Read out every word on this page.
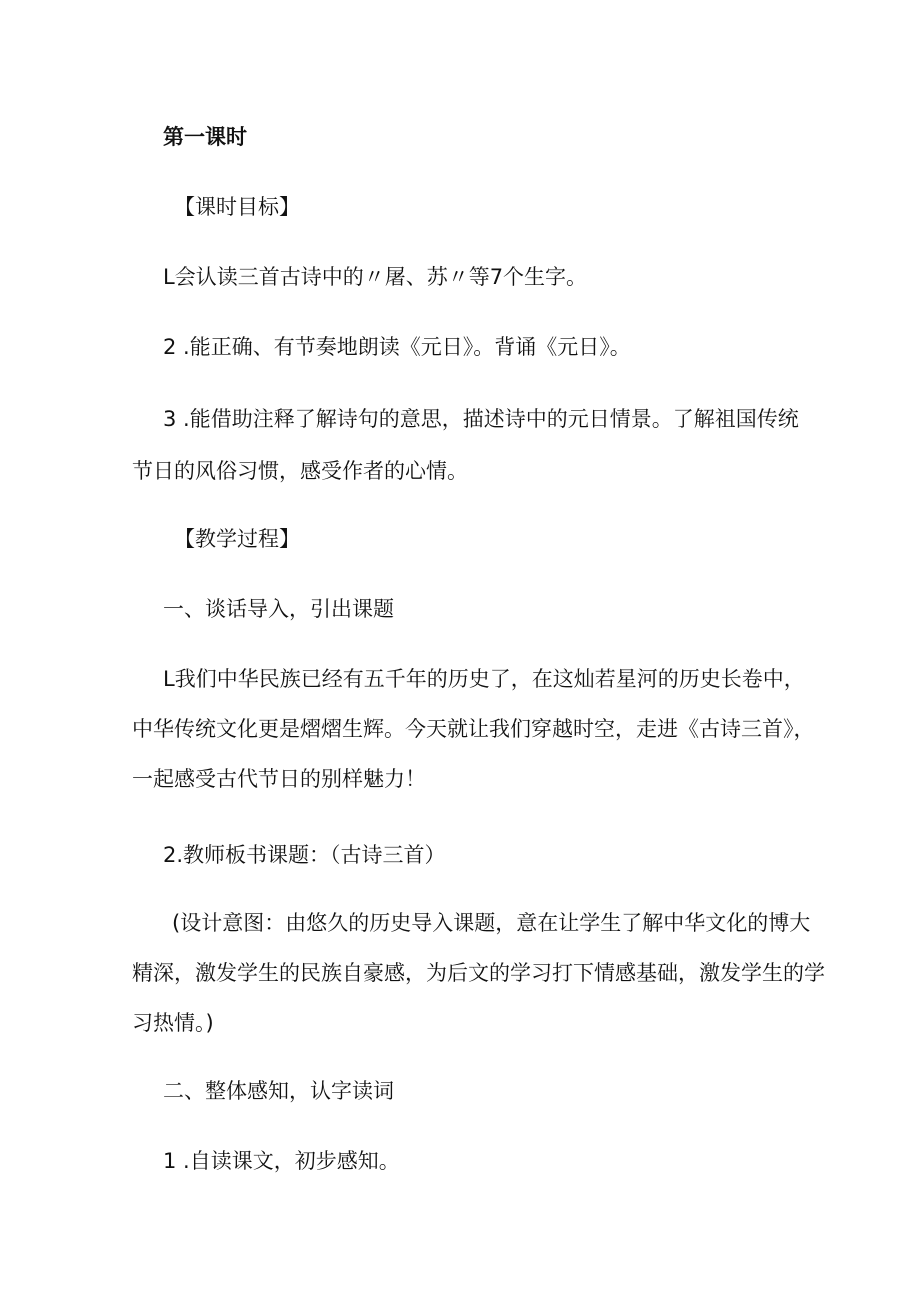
第一课时
【课时目标】
L会认读三首古诗中的〃屠、苏〃等7个生字。
2 .能正确、有节奏地朗读《元日》。背诵《元日》。
3 .能借助注释了解诗句的意思，描述诗中的元日情景。了解祖国传统
节日的风俗习惯，感受作者的心情。
【教学过程】
一、谈话导入，引出课题
L我们中华民族已经有五千年的历史了，在这灿若星河的历史长卷中，
中华传统文化更是熠熠生辉。今天就让我们穿越时空，走进《古诗三首》，
一起感受古代节日的别样魅力！
2.教师板书课题：（古诗三首）
(设计意图：由悠久的历史导入课题，意在让学生了解中华文化的博大
精深，激发学生的民族自豪感，为后文的学习打下情感基础，激发学生的学
习热情。)
二、整体感知，认字读词
1 .自读课文，初步感知。
